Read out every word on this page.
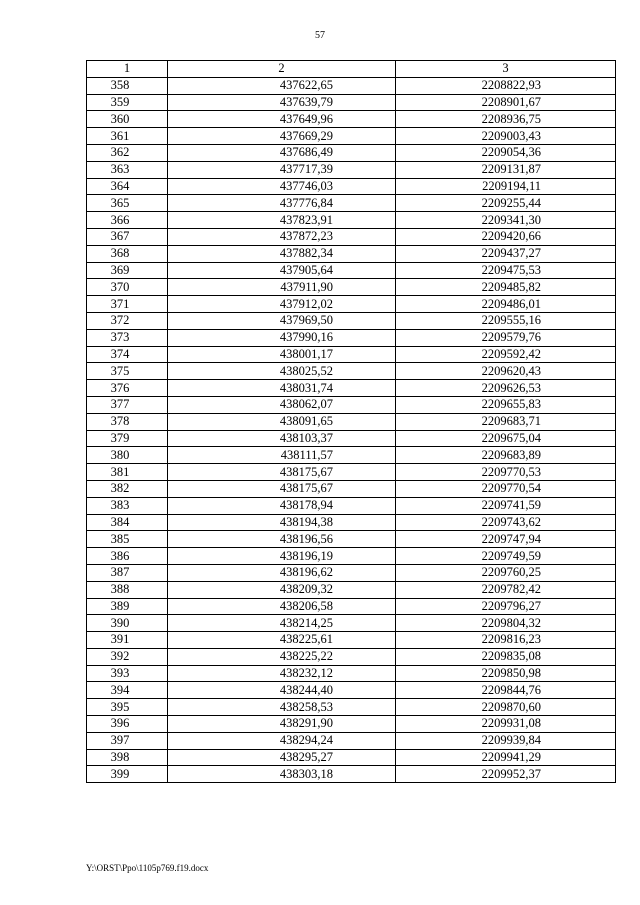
57
1	2	3
358	437622,65	2208822,93
359	437639,79	2208901,67
360	437649,96	2208936,75
361	437669,29	2209003,43
362	437686,49	2209054,36
363	437717,39	2209131,87
364	437746,03	2209194,11
365	437776,84	2209255,44
366	437823,91	2209341,30
367	437872,23	2209420,66
368	437882,34	2209437,27
369	437905,64	2209475,53
370	437911,90	2209485,82
371	437912,02	2209486,01
372	437969,50	2209555,16
373	437990,16	2209579,76
374	438001,17	2209592,42
375	438025,52	2209620,43
376	438031,74	2209626,53
377	438062,07	2209655,83
378	438091,65	2209683,71
379	438103,37	2209675,04
380	438111,57	2209683,89
381	438175,67	2209770,53
382	438175,67	2209770,54
383	438178,94	2209741,59
384	438194,38	2209743,62
385	438196,56	2209747,94
386	438196,19	2209749,59
387	438196,62	2209760,25
388	438209,32	2209782,42
389	438206,58	2209796,27
390	438214,25	2209804,32
391	438225,61	2209816,23
392	438225,22	2209835,08
393	438232,12	2209850,98
394	438244,40	2209844,76
395	438258,53	2209870,60
396	438291,90	2209931,08
397	438294,24	2209939,84
398	438295,27	2209941,29
399	438303,18	2209952,37
Y:\ORST\Ppo\1105p769.f19.docx
